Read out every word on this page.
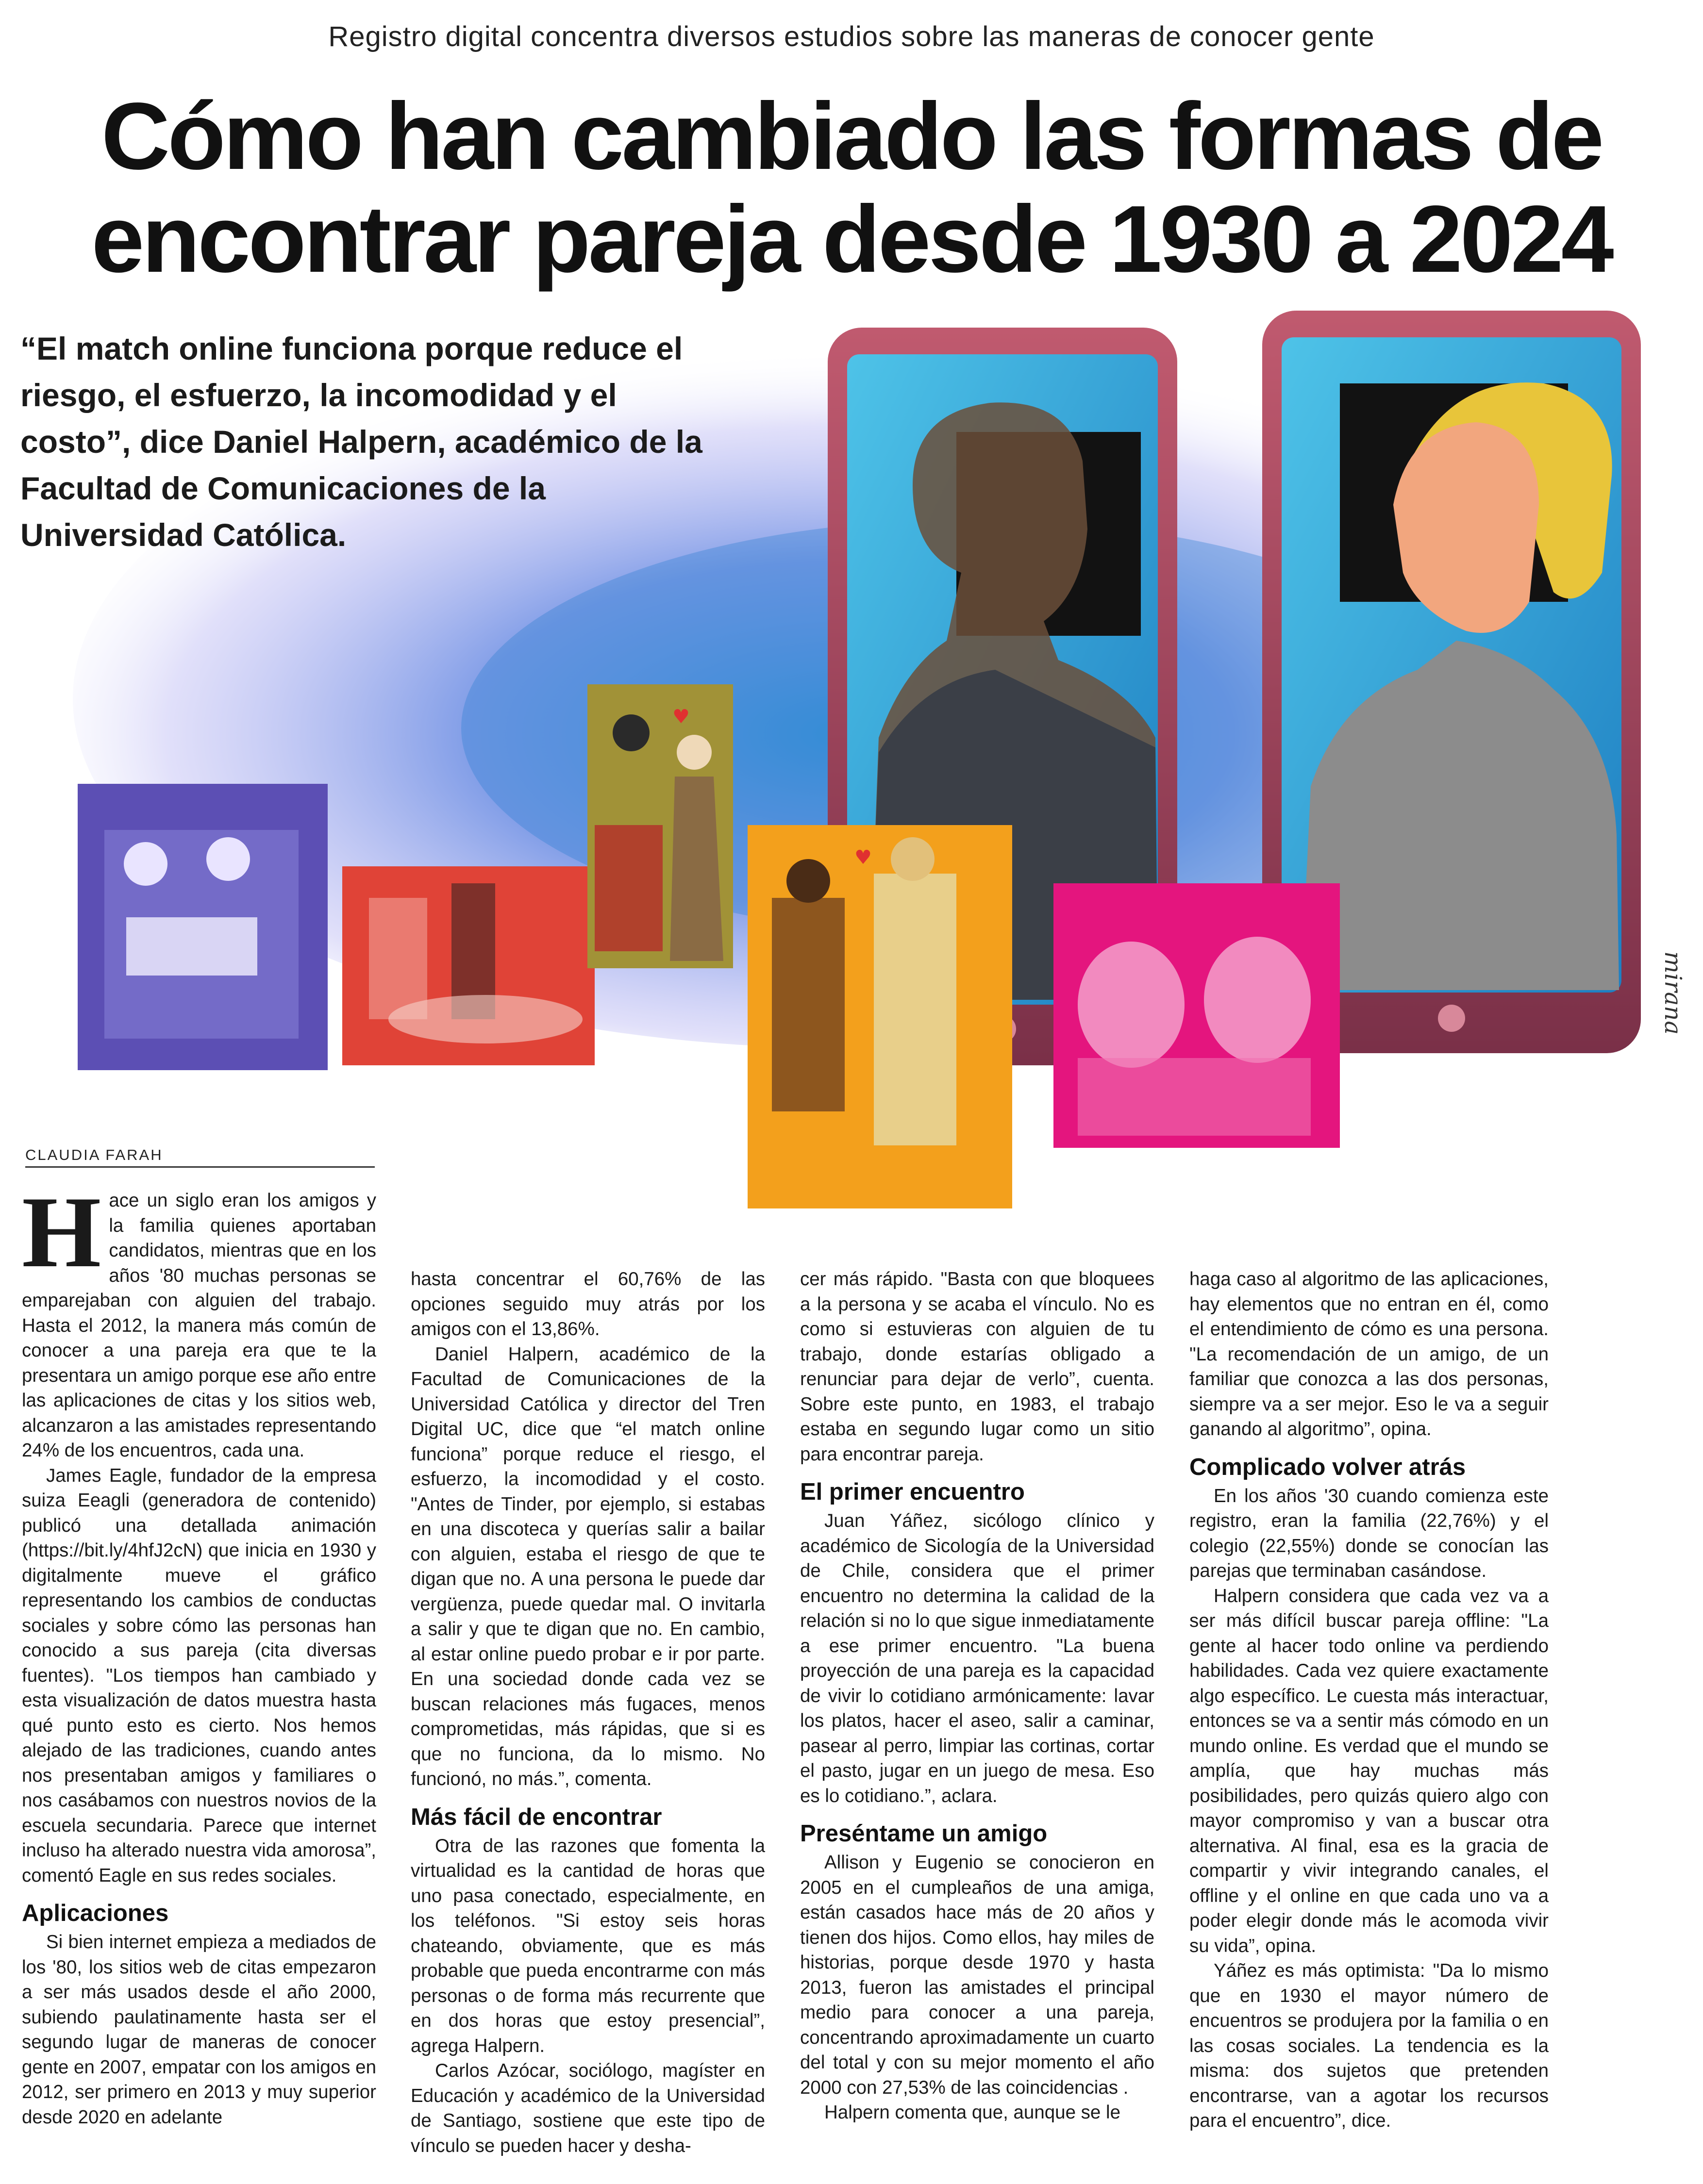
Registro digital concentra diversos estudios sobre las maneras de conocer gente
Cómo han cambiado las formas de
encontrar pareja desde 1930 a 2024
♥
♥
mirana
“El match online funciona porque reduce el riesgo, el esfuerzo, la incomodidad y el costo”, dice Daniel Halpern, académico de la Facultad de Comunicaciones de la Universidad Católica.
CLAUDIA FARAH

Hace un siglo eran los amigos y la familia quienes aportaban candidatos, mientras que en los años '80 muchas personas se emparejaban con alguien del trabajo. Hasta el 2012, la manera más común de conocer a una pareja era que te la presentara un amigo porque ese año entre las aplicaciones de citas y los sitios web, alcanzaron a las amistades representando 24% de los encuentros, cada una.

James Eagle, fundador de la empresa suiza Eeagli (generadora de contenido) publicó una detallada animación (https://bit.ly/4hfJ2cN) que inicia en 1930 y digitalmente mueve el gráfico representando los cambios de conductas sociales y sobre cómo las personas han conocido a sus pareja (cita diversas fuentes). "Los tiempos han cambiado y esta visualización de datos muestra hasta qué punto esto es cierto. Nos hemos alejado de las tradiciones, cuando antes nos presentaban amigos y familiares o nos casábamos con nuestros novios de la escuela secundaria. Parece que internet incluso ha alterado nuestra vida amorosa”, comentó Eagle en sus redes sociales.

Aplicaciones

Si bien internet empieza a mediados de los '80, los sitios web de citas empezaron a ser más usados desde el año 2000, subiendo paulatinamente hasta ser el segundo lugar de maneras de conocer gente en 2007, empatar con los amigos en 2012, ser primero en 2013 y muy superior desde 2020 en adelante

hasta concentrar el 60,76% de las opciones seguido muy atrás por los amigos con el 13,86%.

Daniel Halpern, académico de la Facultad de Comunicaciones de la Universidad Católica y director del Tren Digital UC, dice que “el match online funciona” porque reduce el riesgo, el esfuerzo, la incomodidad y el costo. "Antes de Tinder, por ejemplo, si estabas en una discoteca y querías salir a bailar con alguien, estaba el riesgo de que te digan que no. A una persona le puede dar vergüenza, puede quedar mal. O invitarla a salir y que te digan que no. En cambio, al estar online puedo probar e ir por parte. En una sociedad donde cada vez se buscan relaciones más fugaces, menos comprometidas, más rápidas, que si es que no funciona, da lo mismo. No funcionó, no más.”, comenta.

Más fácil de encontrar

Otra de las razones que fomenta la virtualidad es la cantidad de horas que uno pasa conectado, especialmente, en los teléfonos. "Si estoy seis horas chateando, obviamente, que es más probable que pueda encontrarme con más personas o de forma más recurrente que en dos horas que estoy presencial”, agrega Halpern.

Carlos Azócar, sociólogo, magíster en Educación y académico de la Universidad de Santiago, sostiene que este tipo de vínculo se pueden hacer y desha-

cer más rápido. "Basta con que bloquees a la persona y se acaba el vínculo. No es como si estuvieras con alguien de tu trabajo, donde estarías obligado a renunciar para dejar de verlo”, cuenta. Sobre este punto, en 1983, el trabajo estaba en segundo lugar como un sitio para encontrar pareja.

El primer encuentro

Juan Yáñez, sicólogo clínico y académico de Sicología de la Universidad de Chile, considera que el primer encuentro no determina la calidad de la relación si no lo que sigue inmediatamente a ese primer encuentro. "La buena proyección de una pareja es la capacidad de vivir lo cotidiano armónicamente: lavar los platos, hacer el aseo, salir a caminar, pasear al perro, limpiar las cortinas, cortar el pasto, jugar en un juego de mesa. Eso es lo cotidiano.”, aclara.

Preséntame un amigo

Allison y Eugenio se conocieron en 2005 en el cumpleaños de una amiga, están casados hace más de 20 años y tienen dos hijos. Como ellos, hay miles de historias, porque desde 1970 y hasta 2013, fueron las amistades el principal medio para conocer a una pareja, concentrando aproximadamente un cuarto del total y con su mejor momento el año 2000 con 27,53% de las coincidencias .

Halpern comenta que, aunque se le

haga caso al algoritmo de las aplicaciones, hay elementos que no entran en él, como el entendimiento de cómo es una persona. "La recomendación de un amigo, de un familiar que conozca a las dos personas, siempre va a ser mejor. Eso le va a seguir ganando al algoritmo”, opina.

Complicado volver atrás

En los años '30 cuando comienza este registro, eran la familia (22,76%) y el colegio (22,55%) donde se conocían las parejas que terminaban casándose.

Halpern considera que cada vez va a ser más difícil buscar pareja offline: "La gente al hacer todo online va perdiendo habilidades. Cada vez quiere exactamente algo específico. Le cuesta más interactuar, entonces se va a sentir más cómodo en un mundo online. Es verdad que el mundo se amplía, que hay muchas más posibilidades, pero quizás quiero algo con mayor compromiso y van a buscar otra alternativa. Al final, esa es la gracia de compartir y vivir integrando canales, el offline y el online en que cada uno va a poder elegir donde más le acomoda vivir su vida”, opina.

Yáñez es más optimista: "Da lo mismo que en 1930 el mayor número de encuentros se produjera por la familia o en las cosas sociales. La tendencia es la misma: dos sujetos que pretenden encontrarse, van a agotar los recursos para el encuentro”, dice.
